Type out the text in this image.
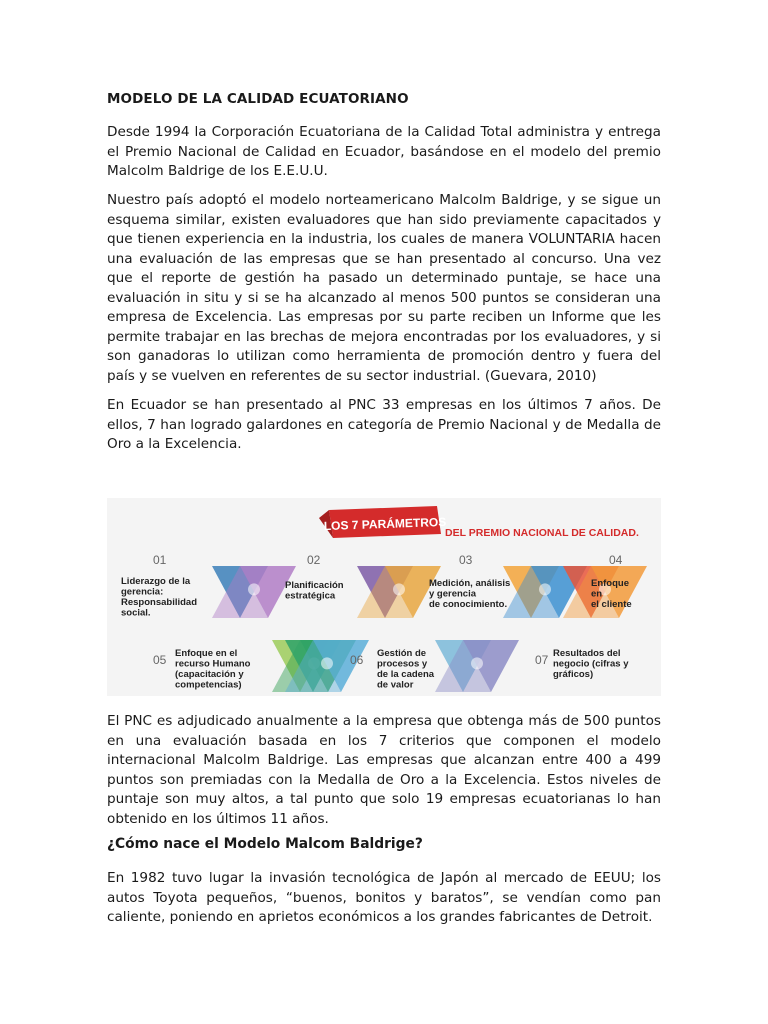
MODELO DE LA CALIDAD ECUATORIANO

Desde 1994 la Corporación Ecuatoriana de la Calidad Total administra y entrega el Premio Nacional de Calidad en Ecuador, basándose en el modelo del premio Malcolm Baldrige de los E.E.U.U.

Nuestro país adoptó el modelo norteamericano Malcolm Baldrige, y se sigue un esquema similar, existen evaluadores que han sido previamente capacitados y que tienen experiencia en la industria, los cuales de manera VOLUNTARIA hacen una evaluación de las empresas que se han presentado al concurso. Una vez que el reporte de gestión ha pasado un determinado puntaje, se hace una evaluación in situ y si se ha alcanzado al menos 500 puntos se consideran una empresa de Excelencia. Las empresas por su parte reciben un Informe que les permite trabajar en las brechas de mejora encontradas por los evaluadores, y si son ganadoras lo utilizan como herramienta de promoción dentro y fuera del país y se vuelven en referentes de su sector industrial. (Guevara, 2010)

En Ecuador se han presentado al PNC 33 empresas en los últimos 7 años. De ellos, 7 han logrado galardones en categoría de Premio Nacional y de Medalla de Oro a la Excelencia.

LOS 7 PARÁMETROS
DEL PREMIO NACIONAL DE CALIDAD.
01
Liderazgo de la
gerencia:
Responsabilidad
social.
02
Planificación
estratégica
03
Medición, análisis
y gerencia
de conocimiento.
04
Enfoque
en
el cliente
05 Enfoque en el
recurso Humano
(capacitación y
competencias)
06 Gestión de
procesos y
de la cadena
de valor
07 Resultados del
negocio (cifras y
gráficos)

El PNC es adjudicado anualmente a la empresa que obtenga más de 500 puntos en una evaluación basada en los 7 criterios que componen el modelo internacional Malcolm Baldrige. Las empresas que alcanzan entre 400 a 499 puntos son premiadas con la Medalla de Oro a la Excelencia. Estos niveles de puntaje son muy altos, a tal punto que solo 19 empresas ecuatorianas lo han obtenido en los últimos 11 años.

¿Cómo nace el Modelo Malcom Baldrige?

En 1982 tuvo lugar la invasión tecnológica de Japón al mercado de EEUU; los autos Toyota pequeños, “buenos, bonitos y baratos”, se vendían como pan caliente, poniendo en aprietos económicos a los grandes fabricantes de Detroit.
